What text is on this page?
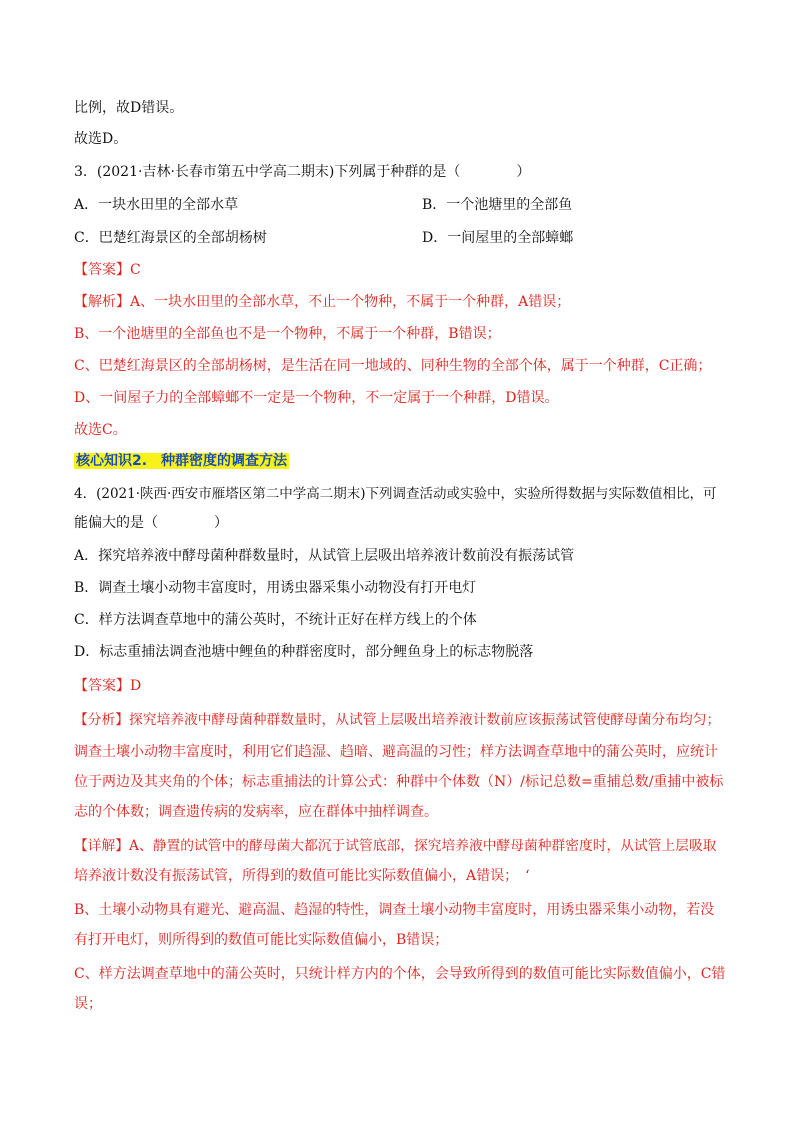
比例，故D错误。
故选D。
3．(2021·吉林·长春市第五中学高二期末)下列属于种群的是（	）
A．一块水田里的全部水草	B．一个池塘里的全部鱼
C．巴楚红海景区的全部胡杨树	D．一间屋里的全部蟑螂
【答案】C
【解析】A、一块水田里的全部水草，不止一个物种，不属于一个种群，A错误；
B、一个池塘里的全部鱼也不是一个物种，不属于一个种群，B错误；
C、巴楚红海景区的全部胡杨树，是生活在同一地域的、同种生物的全部个体，属于一个种群，C正确；
D、一间屋子力的全部蟑螂不一定是一个物种，不一定属于一个种群，D错误。
故选C。
核心知识2.　种群密度的调查方法
4．(2021·陕西·西安市雁塔区第二中学高二期末)下列调查活动或实验中，实验所得数据与实际数值相比，可
能偏大的是（	）
A．探究培养液中酵母菌种群数量时，从试管上层吸出培养液计数前没有振荡试管
B．调查土壤小动物丰富度时，用诱虫器采集小动物没有打开电灯
C．样方法调查草地中的蒲公英时，不统计正好在样方线上的个体
D．标志重捕法调查池塘中鲤鱼的种群密度时，部分鲤鱼身上的标志物脱落
【答案】D
【分析】探究培养液中酵母菌种群数量时，从试管上层吸出培养液计数前应该振荡试管使酵母菌分布均匀；
调查土壤小动物丰富度时，利用它们趋湿、趋暗、避高温的习性；样方法调查草地中的蒲公英时，应统计
位于两边及其夹角的个体；标志重捕法的计算公式：种群中个体数（N）/标记总数=重捕总数/重捕中被标
志的个体数；调查遗传病的发病率，应在群体中抽样调查。
【详解】A、静置的试管中的酵母菌大都沉于试管底部，探究培养液中酵母菌种群密度时，从试管上层吸取
培养液计数没有振荡试管，所得到的数值可能比实际数值偏小，A错误；　‘
B、土壤小动物具有避光、避高温、趋湿的特性，调查土壤小动物丰富度时，用诱虫器采集小动物，若没
有打开电灯，则所得到的数值可能比实际数值偏小，B错误；
C、样方法调查草地中的蒲公英时，只统计样方内的个体，会导致所得到的数值可能比实际数值偏小，C错
误；
